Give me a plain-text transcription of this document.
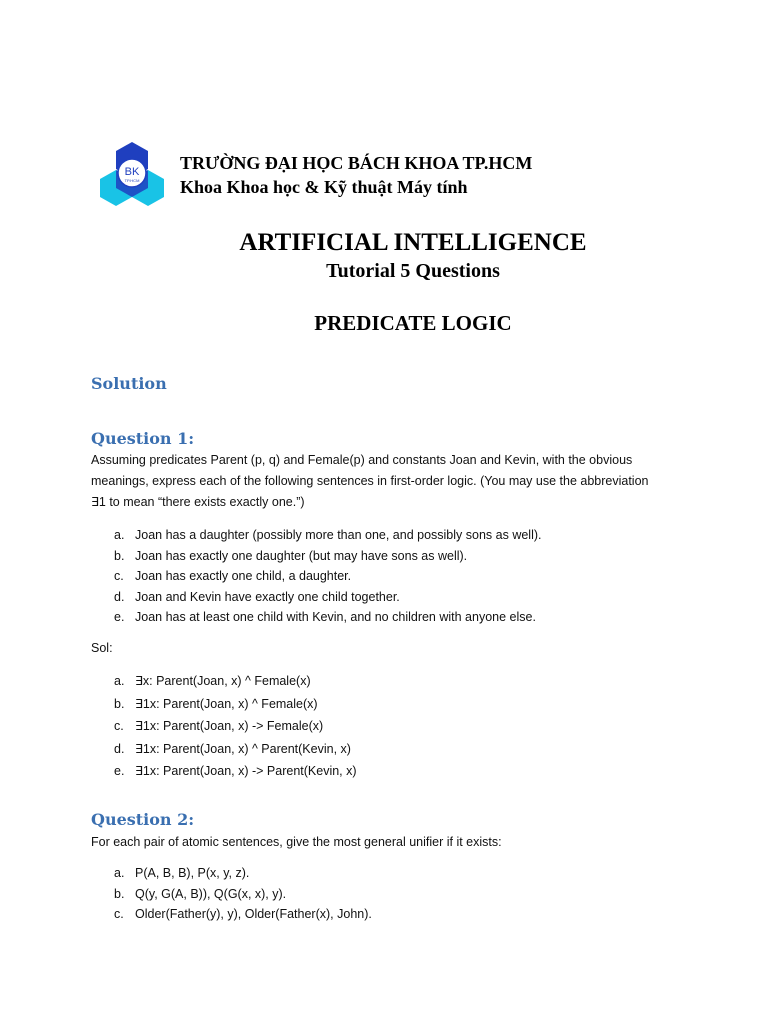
BK
TP.HCM
TRƯỜNG ĐẠI HỌC BÁCH KHOA TP.HCM
Khoa Khoa học & Kỹ thuật Máy tính
ARTIFICIAL INTELLIGENCE
Tutorial 5 Questions
PREDICATE LOGIC
Solution
Question 1:
Assuming predicates Parent (p, q) and Female(p) and constants Joan and Kevin, with the obvious
meanings, express each of the following sentences in first-order logic. (You may use the abbreviation
∃1 to mean “there exists exactly one.”)
a. Joan has a daughter (possibly more than one, and possibly sons as well).
b. Joan has exactly one daughter (but may have sons as well).
c. Joan has exactly one child, a daughter.
d. Joan and Kevin have exactly one child together.
e. Joan has at least one child with Kevin, and no children with anyone else.
Sol:
a. ∃x: Parent(Joan, x) ^ Female(x)
b. ∃1x: Parent(Joan, x) ^ Female(x)
c. ∃1x: Parent(Joan, x) -> Female(x)
d. ∃1x: Parent(Joan, x) ^ Parent(Kevin, x)
e. ∃1x: Parent(Joan, x) -> Parent(Kevin, x)
Question 2:
For each pair of atomic sentences, give the most general unifier if it exists:
a. P(A, B, B), P(x, y, z).
b. Q(y, G(A, B)), Q(G(x, x), y).
c. Older(Father(y), y), Older(Father(x), John).
